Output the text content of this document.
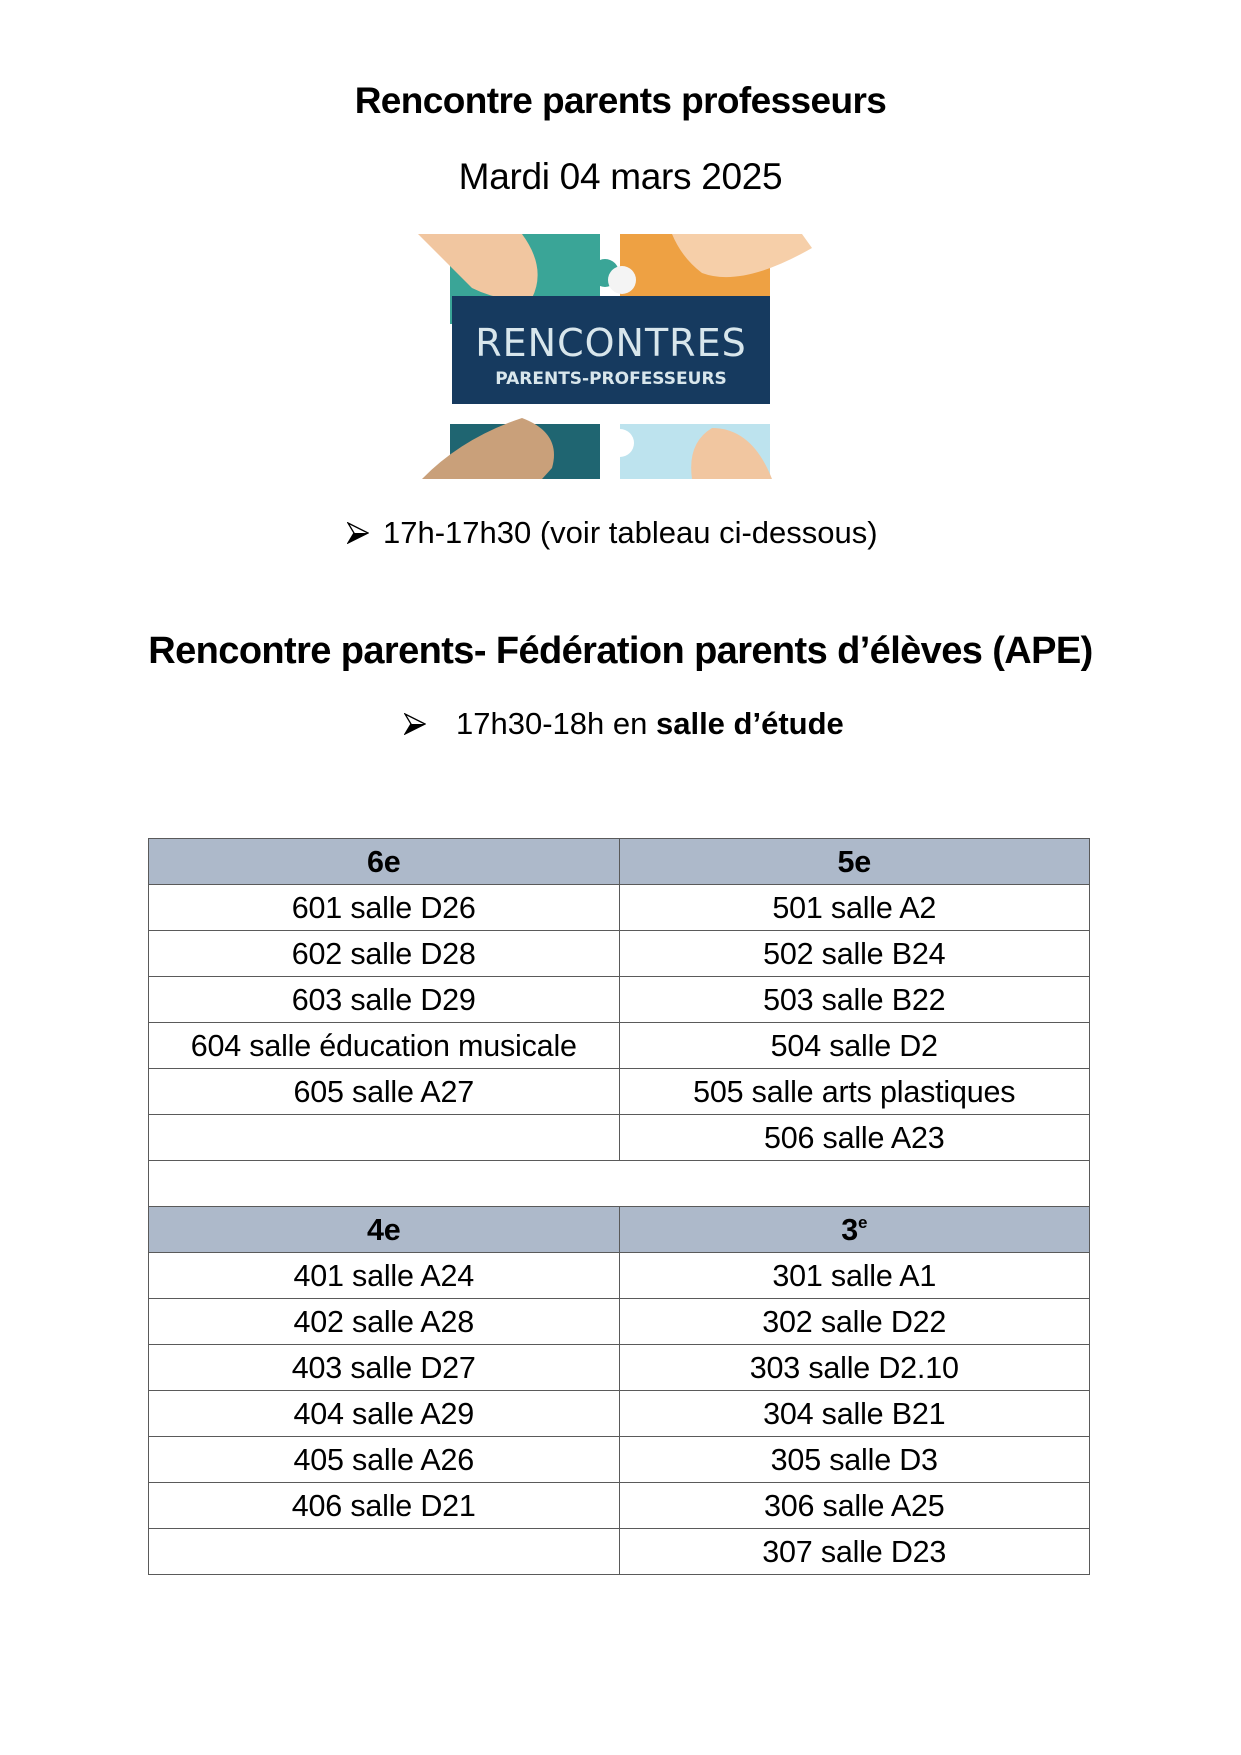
Rencontre parents professeurs
Mardi 04 mars 2025
RENCONTRES
PARENTS-PROFESSEURS
17h-17h30 (voir tableau ci-dessous)
Rencontre parents- Fédération parents d’élèves (APE)
17h30-18h en salle d’étude
6e	5e
601 salle D26	501 salle A2
602 salle D28	502 salle B24
603 salle D29	503 salle B22
604 salle éducation musicale	504 salle D2
605 salle A27	505 salle arts plastiques
	506 salle A23

4e	3e
401 salle A24	301 salle A1
402 salle A28	302 salle D22
403 salle D27	303 salle D2.10
404 salle A29	304 salle B21
405 salle A26	305 salle D3
406 salle D21	306 salle A25
	307 salle D23
